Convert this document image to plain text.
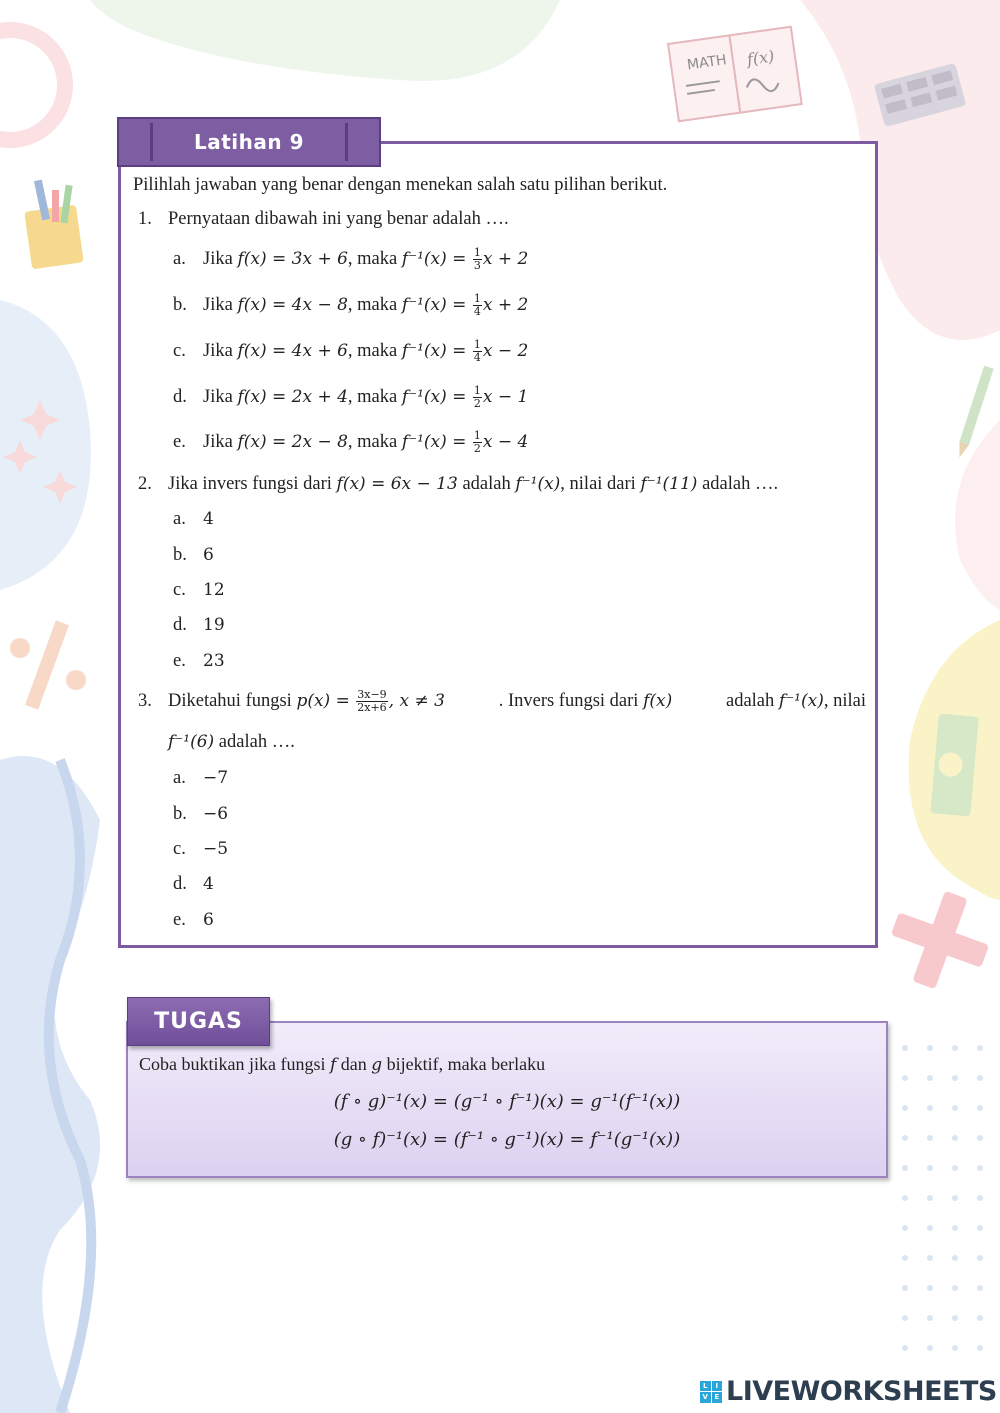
MATH f(x)
Latihan 9
Pilihlah jawaban yang benar dengan menekan salah satu pilihan berikut.
1. Pernyataan dibawah ini yang benar adalah ….
a. Jika f(x) = 3x + 6, maka $f^{-1}(x) = \frac{1}{3}$ x + 2
b. Jika f(x) = 4x − 8, maka $f^{-1}(x) = \frac{1}{4}$ x + 2
c. Jika f(x) = 4x + 6, maka $f^{-1}(x) = \frac{1}{4}$ x − 2
d. Jika f(x) = 2x + 4, maka $f^{-1}(x) = \frac{1}{2}$ x − 1
e. Jika f(x) = 2x − 8, maka $f^{-1}(x) = \frac{1}{2}$ x − 4
2. Jika invers fungsi dari f(x) = 6x − 13 adalah f⁻¹(x), nilai dari f⁻¹(11) adalah ….
a. 4
b. 6
c. 12
d. 19
e. 23
3. Diketahui fungsi $p(x) = \frac{3x-9}{2x+6}$ , x ≠ 3	. Invers fungsi dari f(x)	adalah f⁻¹(x), nilai
f⁻¹(6) adalah ….
a. −7
b. −6
c. −5
d. 4
e. 6
TUGAS
Coba buktikan jika fungsi f dan g bijektif, maka berlaku
(f ∘ g)⁻¹(x) = (g⁻¹ ∘ f⁻¹)(x) = g⁻¹(f⁻¹(x))
(g ∘ f)⁻¹(x) = (f⁻¹ ∘ g⁻¹)(x) = f⁻¹(g⁻¹(x))
L	I
V E LIVEWORKSHEETS
